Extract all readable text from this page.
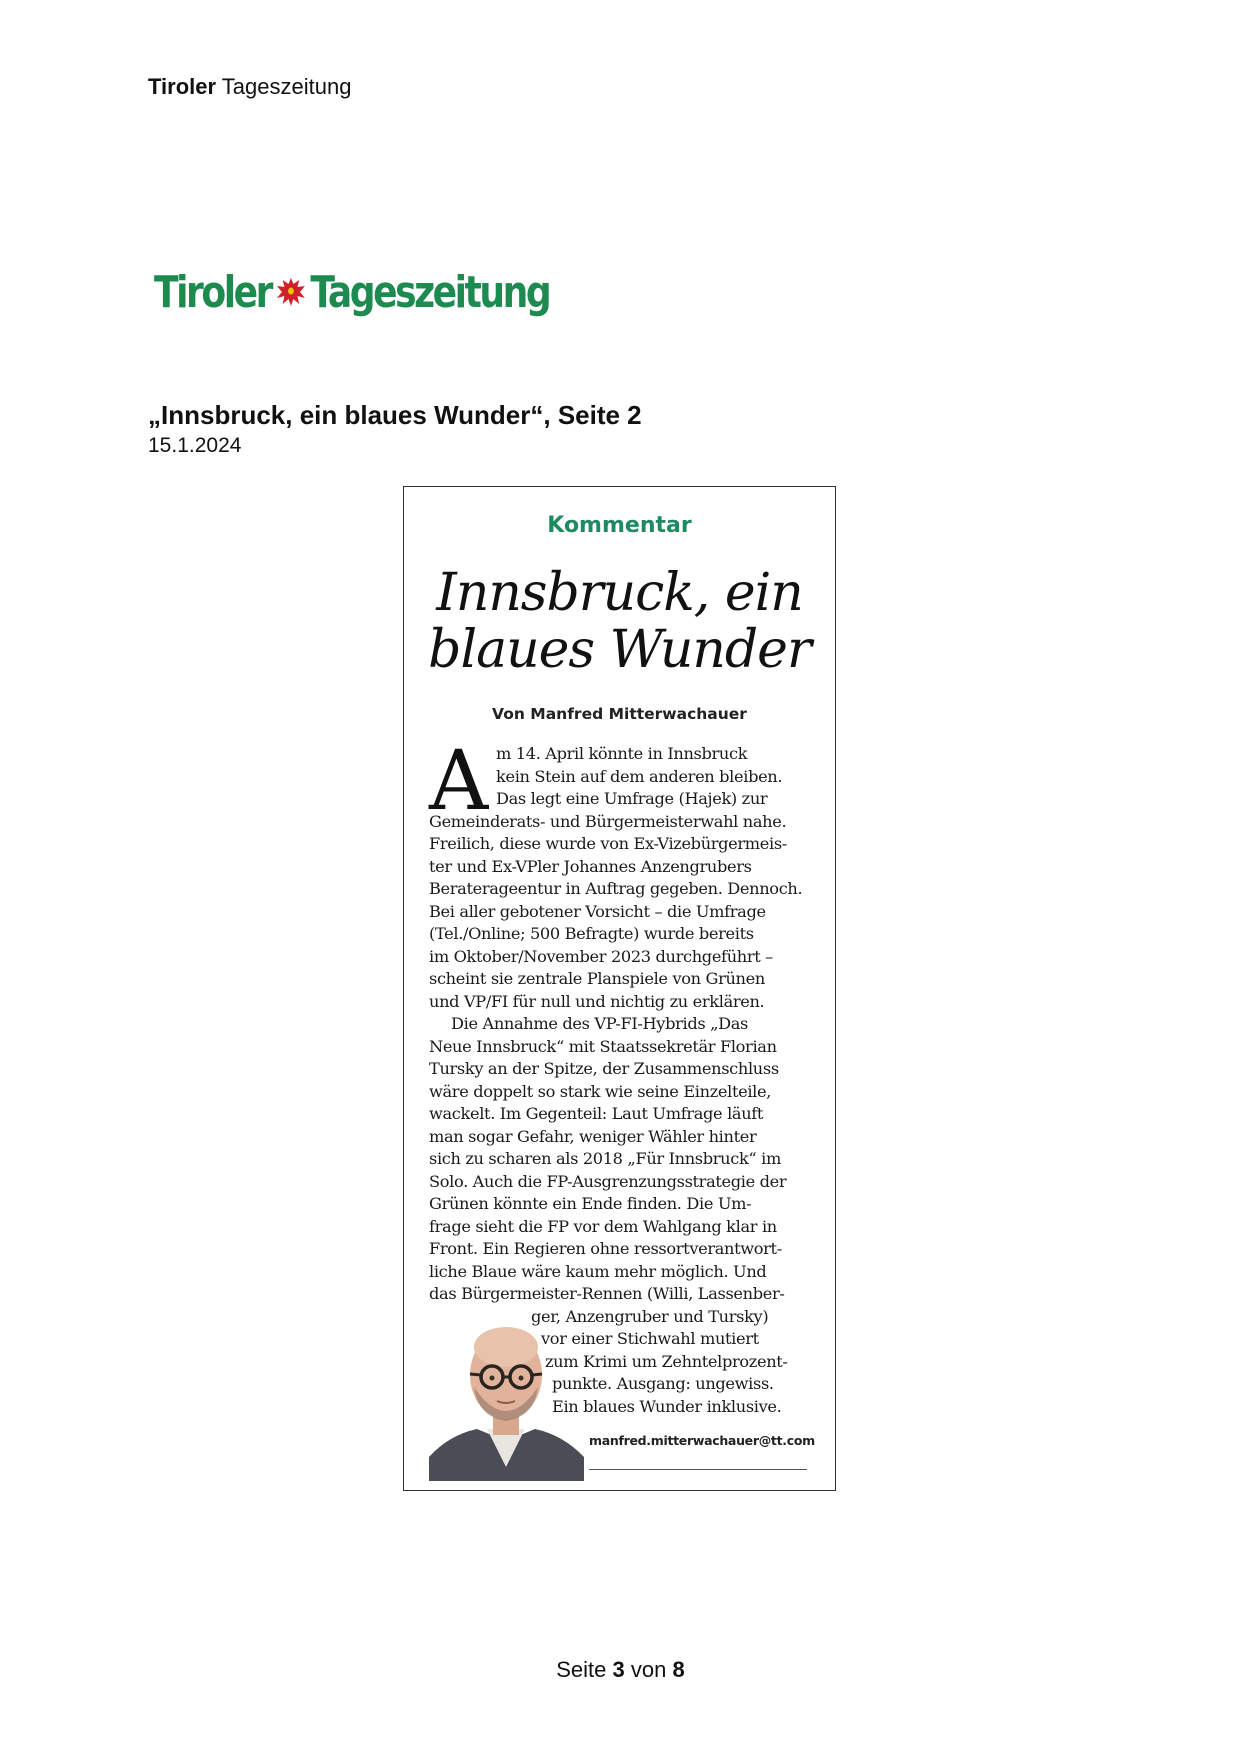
Tiroler Tageszeitung
Tiroler Tageszeitung
„Innsbruck, ein blaues Wunder“, Seite 2
15.1.2024
Kommentar
Innsbruck, ein
blaues Wunder
Von Manfred Mitterwachauer
A m 14. April könnte in Innsbruck
kein Stein auf dem anderen bleiben.
Das legt eine Umfrage (Hajek) zur
Gemeinderats- und Bürgermeisterwahl nahe.
Freilich, diese wurde von Ex-Vizebürgermeis-
ter und Ex-VPler Johannes Anzengrubers
Beraterageentur in Auftrag gegeben. Dennoch.
Bei aller gebotener Vorsicht – die Umfrage
(Tel./Online; 500 Befragte) wurde bereits
im Oktober/November 2023 durchgeführt –
scheint sie zentrale Planspiele von Grünen
und VP/FI für null und nichtig zu erklären.
Die Annahme des VP-FI-Hybrids „Das
Neue Innsbruck“ mit Staatssekretär Florian
Tursky an der Spitze, der Zusammenschluss
wäre doppelt so stark wie seine Einzelteile,
wackelt. Im Gegenteil: Laut Umfrage läuft
man sogar Gefahr, weniger Wähler hinter
sich zu scharen als 2018 „Für Innsbruck“ im
Solo. Auch die FP-Ausgrenzungsstrategie der
Grünen könnte ein Ende finden. Die Um-
frage sieht die FP vor dem Wahlgang klar in
Front. Ein Regieren ohne ressortverantwort-
liche Blaue wäre kaum mehr möglich. Und
das Bürgermeister-Rennen (Willi, Lassenber-
ger, Anzengruber und Tursky)
vor einer Stichwahl mutiert
zum Krimi um Zehntelprozent-
punkte. Ausgang: ungewiss.
Ein blaues Wunder inklusive.
manfred.mitterwachauer@tt.com
Seite 3 von 8
